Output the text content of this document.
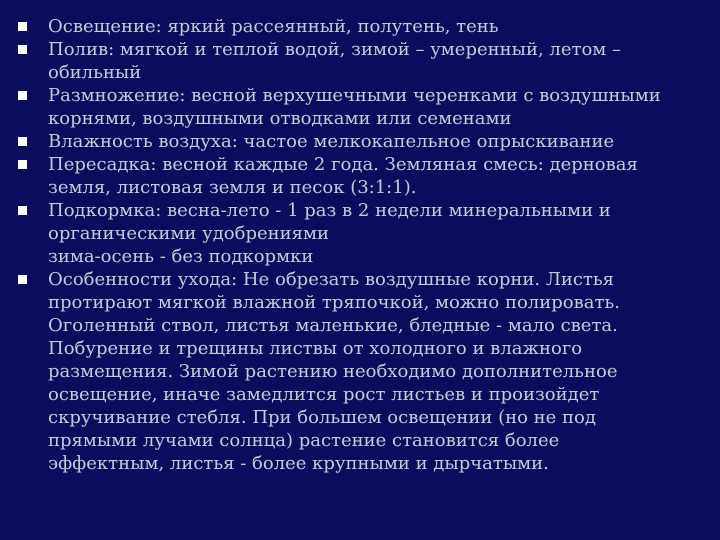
Освещение: яркий рассеянный, полутень, тень
Полив: мягкой и теплой водой, зимой – умеренный, летом –
обильный
Размножение: весной верхушечными черенками с воздушными
корнями, воздушными отводками или семенами
Влажность воздуха: частое мелкокапельное опрыскивание
Пересадка: весной каждые 2 года. Земляная смесь: дерновая
земля, листовая земля и песок (3:1:1).
Подкормка: весна-лето - 1 раз в 2 недели минеральными и
органическими удобрениями
зима-осень - без подкормки
Особенности ухода: Не обрезать воздушные корни. Листья
протирают мягкой влажной тряпочкой, можно полировать.
Оголенный ствол, листья маленькие, бледные - мало света.
Побурение и трещины листвы от холодного и влажного
размещения. Зимой растению необходимо дополнительное
освещение, иначе замедлится рост листьев и произойдет
скручивание стебля. При большем освещении (но не под
прямыми лучами солнца) растение становится более
эффектным, листья - более крупными и дырчатыми.
